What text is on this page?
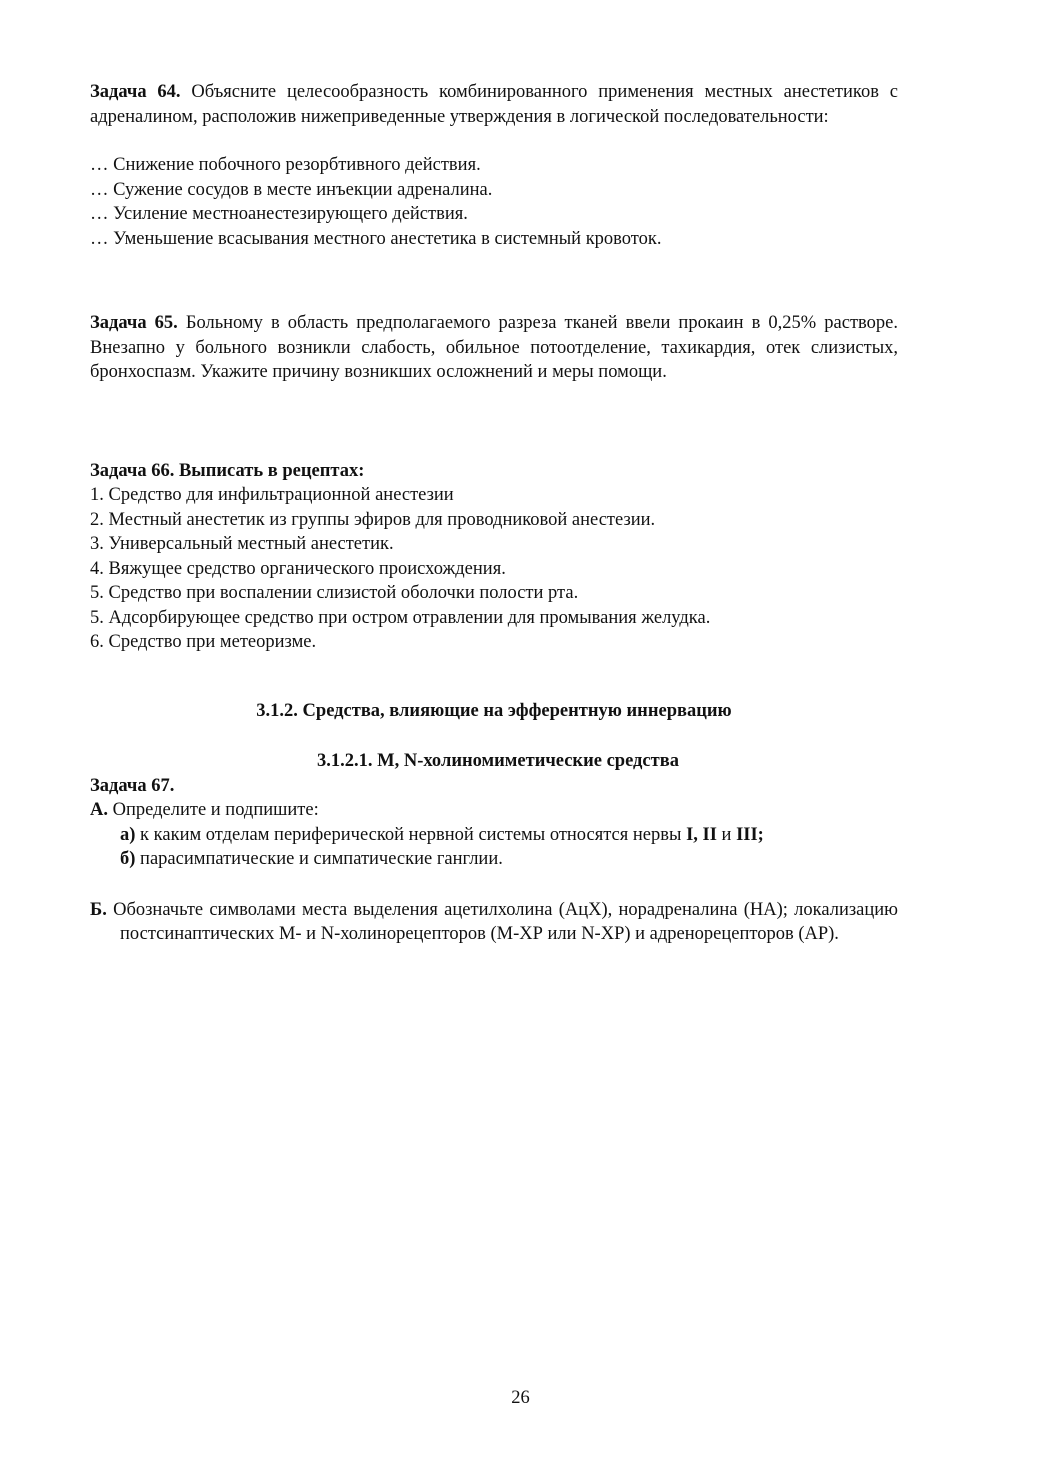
Задача 64. Объясните целесообразность комбинированного применения местных анестетиков с адреналином, расположив нижеприведенные утверждения в логической последовательности:
… Снижение побочного резорбтивного действия.
… Сужение сосудов в месте инъекции адреналина.
… Усиление местноанестезирующего действия.
… Уменьшение всасывания местного анестетика в системный кровоток.
Задача 65. Больному в область предполагаемого разреза тканей ввели прокаин в 0,25% растворе. Внезапно у больного возникли слабость, обильное потоотделение, тахикардия, отек слизистых, бронхоспазм. Укажите причину возникших осложнений и меры помощи.
Задача 66. Выписать в рецептах:
1. Средство для инфильтрационной анестезии
2. Местный анестетик из группы эфиров для проводниковой анестезии.
3. Универсальный местный анестетик.
4. Вяжущее средство органического происхождения.
5. Средство при воспалении слизистой оболочки полости рта.
5. Адсорбирующее средство при остром отравлении для промывания желудка.
6. Средство при метеоризме.
3.1.2. Средства, влияющие на эфферентную иннервацию
3.1.2.1. М, N-холиномиметические средства
Задача 67.
А. Определите и подпишите:
а) к каким отделам периферической нервной системы относятся нервы I, II и III;
б) парасимпатические и симпатические ганглии.
Б. Обозначьте символами места выделения ацетилхолина (АцХ), норадреналина (НА); локализацию постсинаптических М- и N-холинорецепторов (М-ХР или N-ХР) и адренорецепторов (АР).
26
